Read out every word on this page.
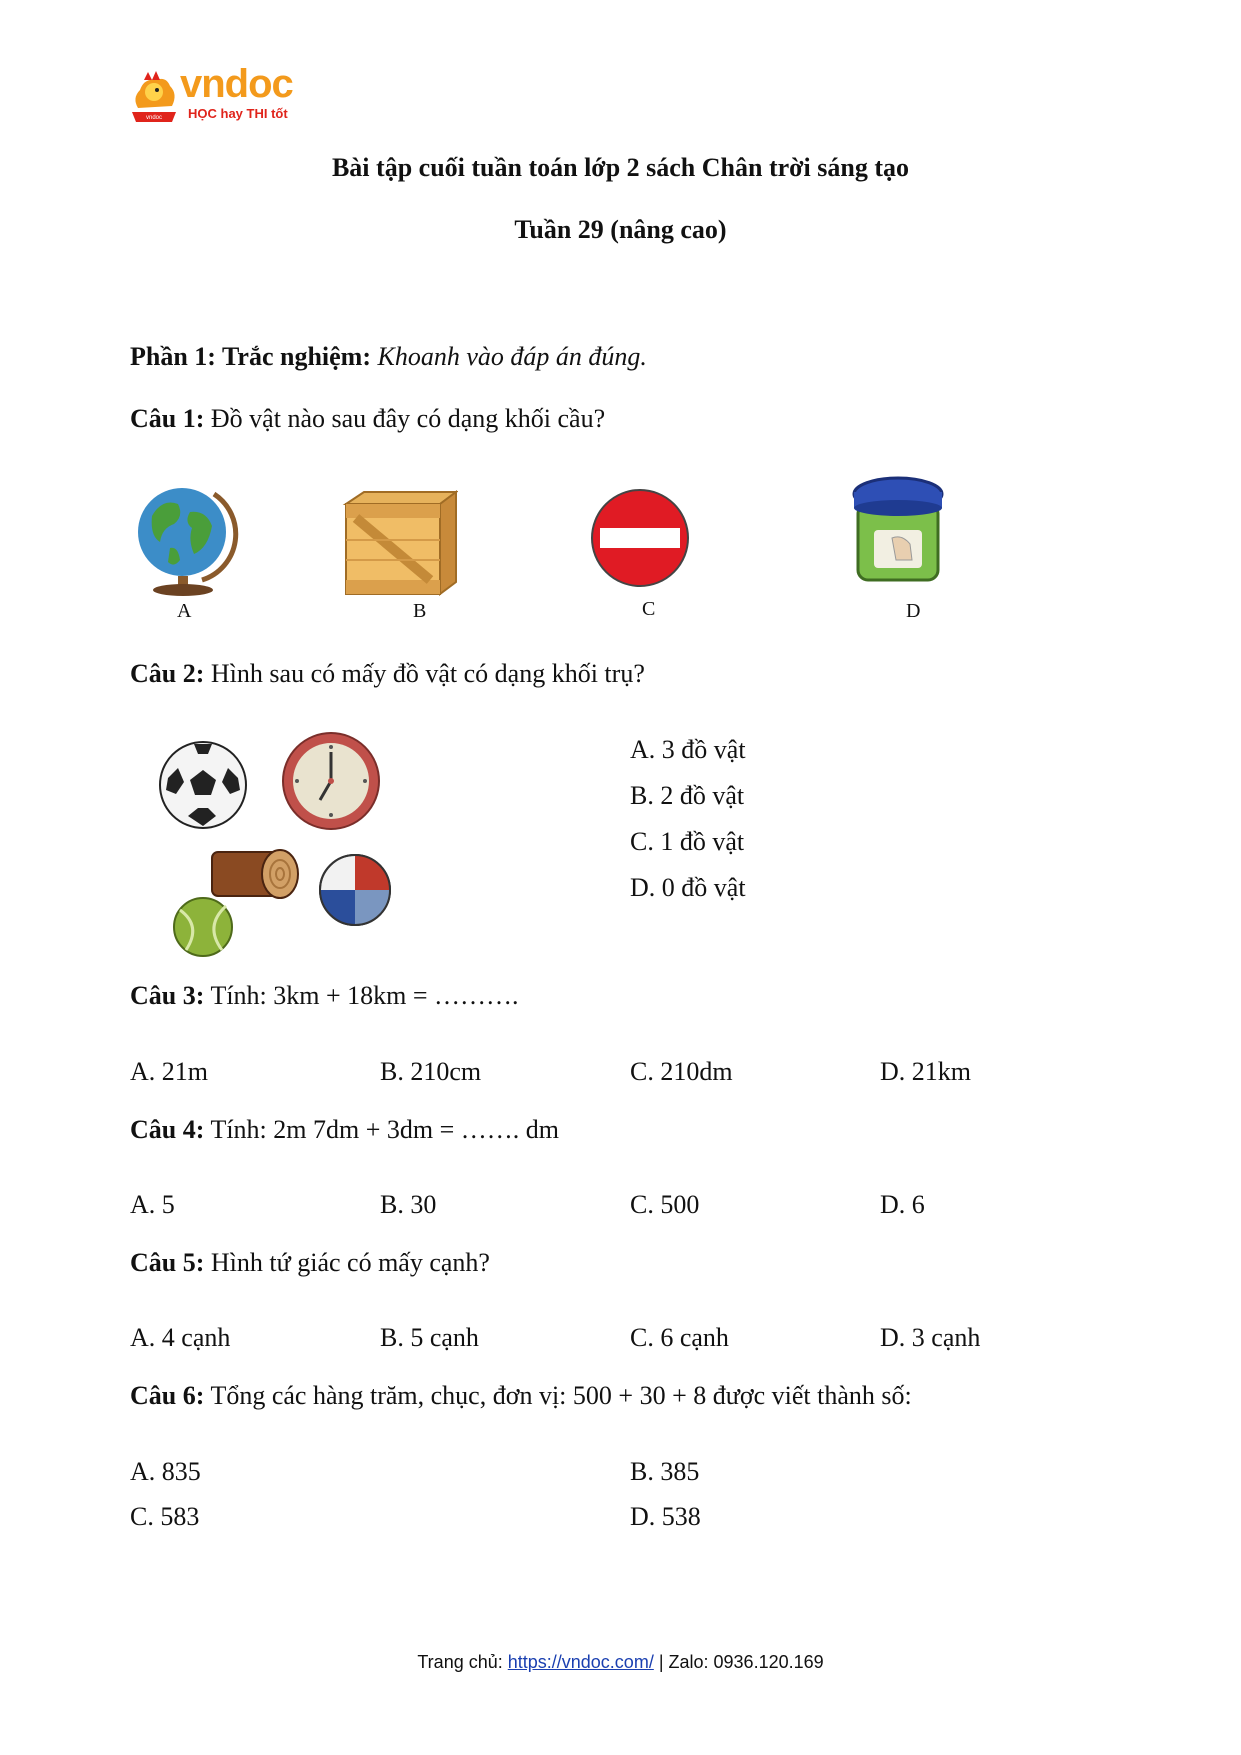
vndoc
vndoc
HỌC hay THI tốt
Bài tập cuối tuần toán lớp 2 sách Chân trời sáng tạo
Tuần 29 (nâng cao)
Phần 1: Trắc nghiệm: Khoanh vào đáp án đúng.
Câu 1: Đồ vật nào sau đây có dạng khối cầu?
A	B	C	D
Câu 2: Hình sau có mấy đồ vật có dạng khối trụ?
A. 3 đồ vật
B. 2 đồ vật
C. 1 đồ vật
D. 0 đồ vật
Câu 3: Tính: 3km + 18km = ……….
A. 21m	B. 210cm	C. 210dm	D. 21km
Câu 4: Tính: 2m 7dm + 3dm = ……. dm
A. 5	B. 30	C. 500	D. 6
Câu 5: Hình tứ giác có mấy cạnh?
A. 4 cạnh	B. 5 cạnh	C. 6 cạnh	D. 3 cạnh
Câu 6: Tổng các hàng trăm, chục, đơn vị: 500 + 30 + 8 được viết thành số:
A. 835	B. 385
C. 583	D. 538
Trang chủ: https://vndoc.com/ | Zalo: 0936.120.169
